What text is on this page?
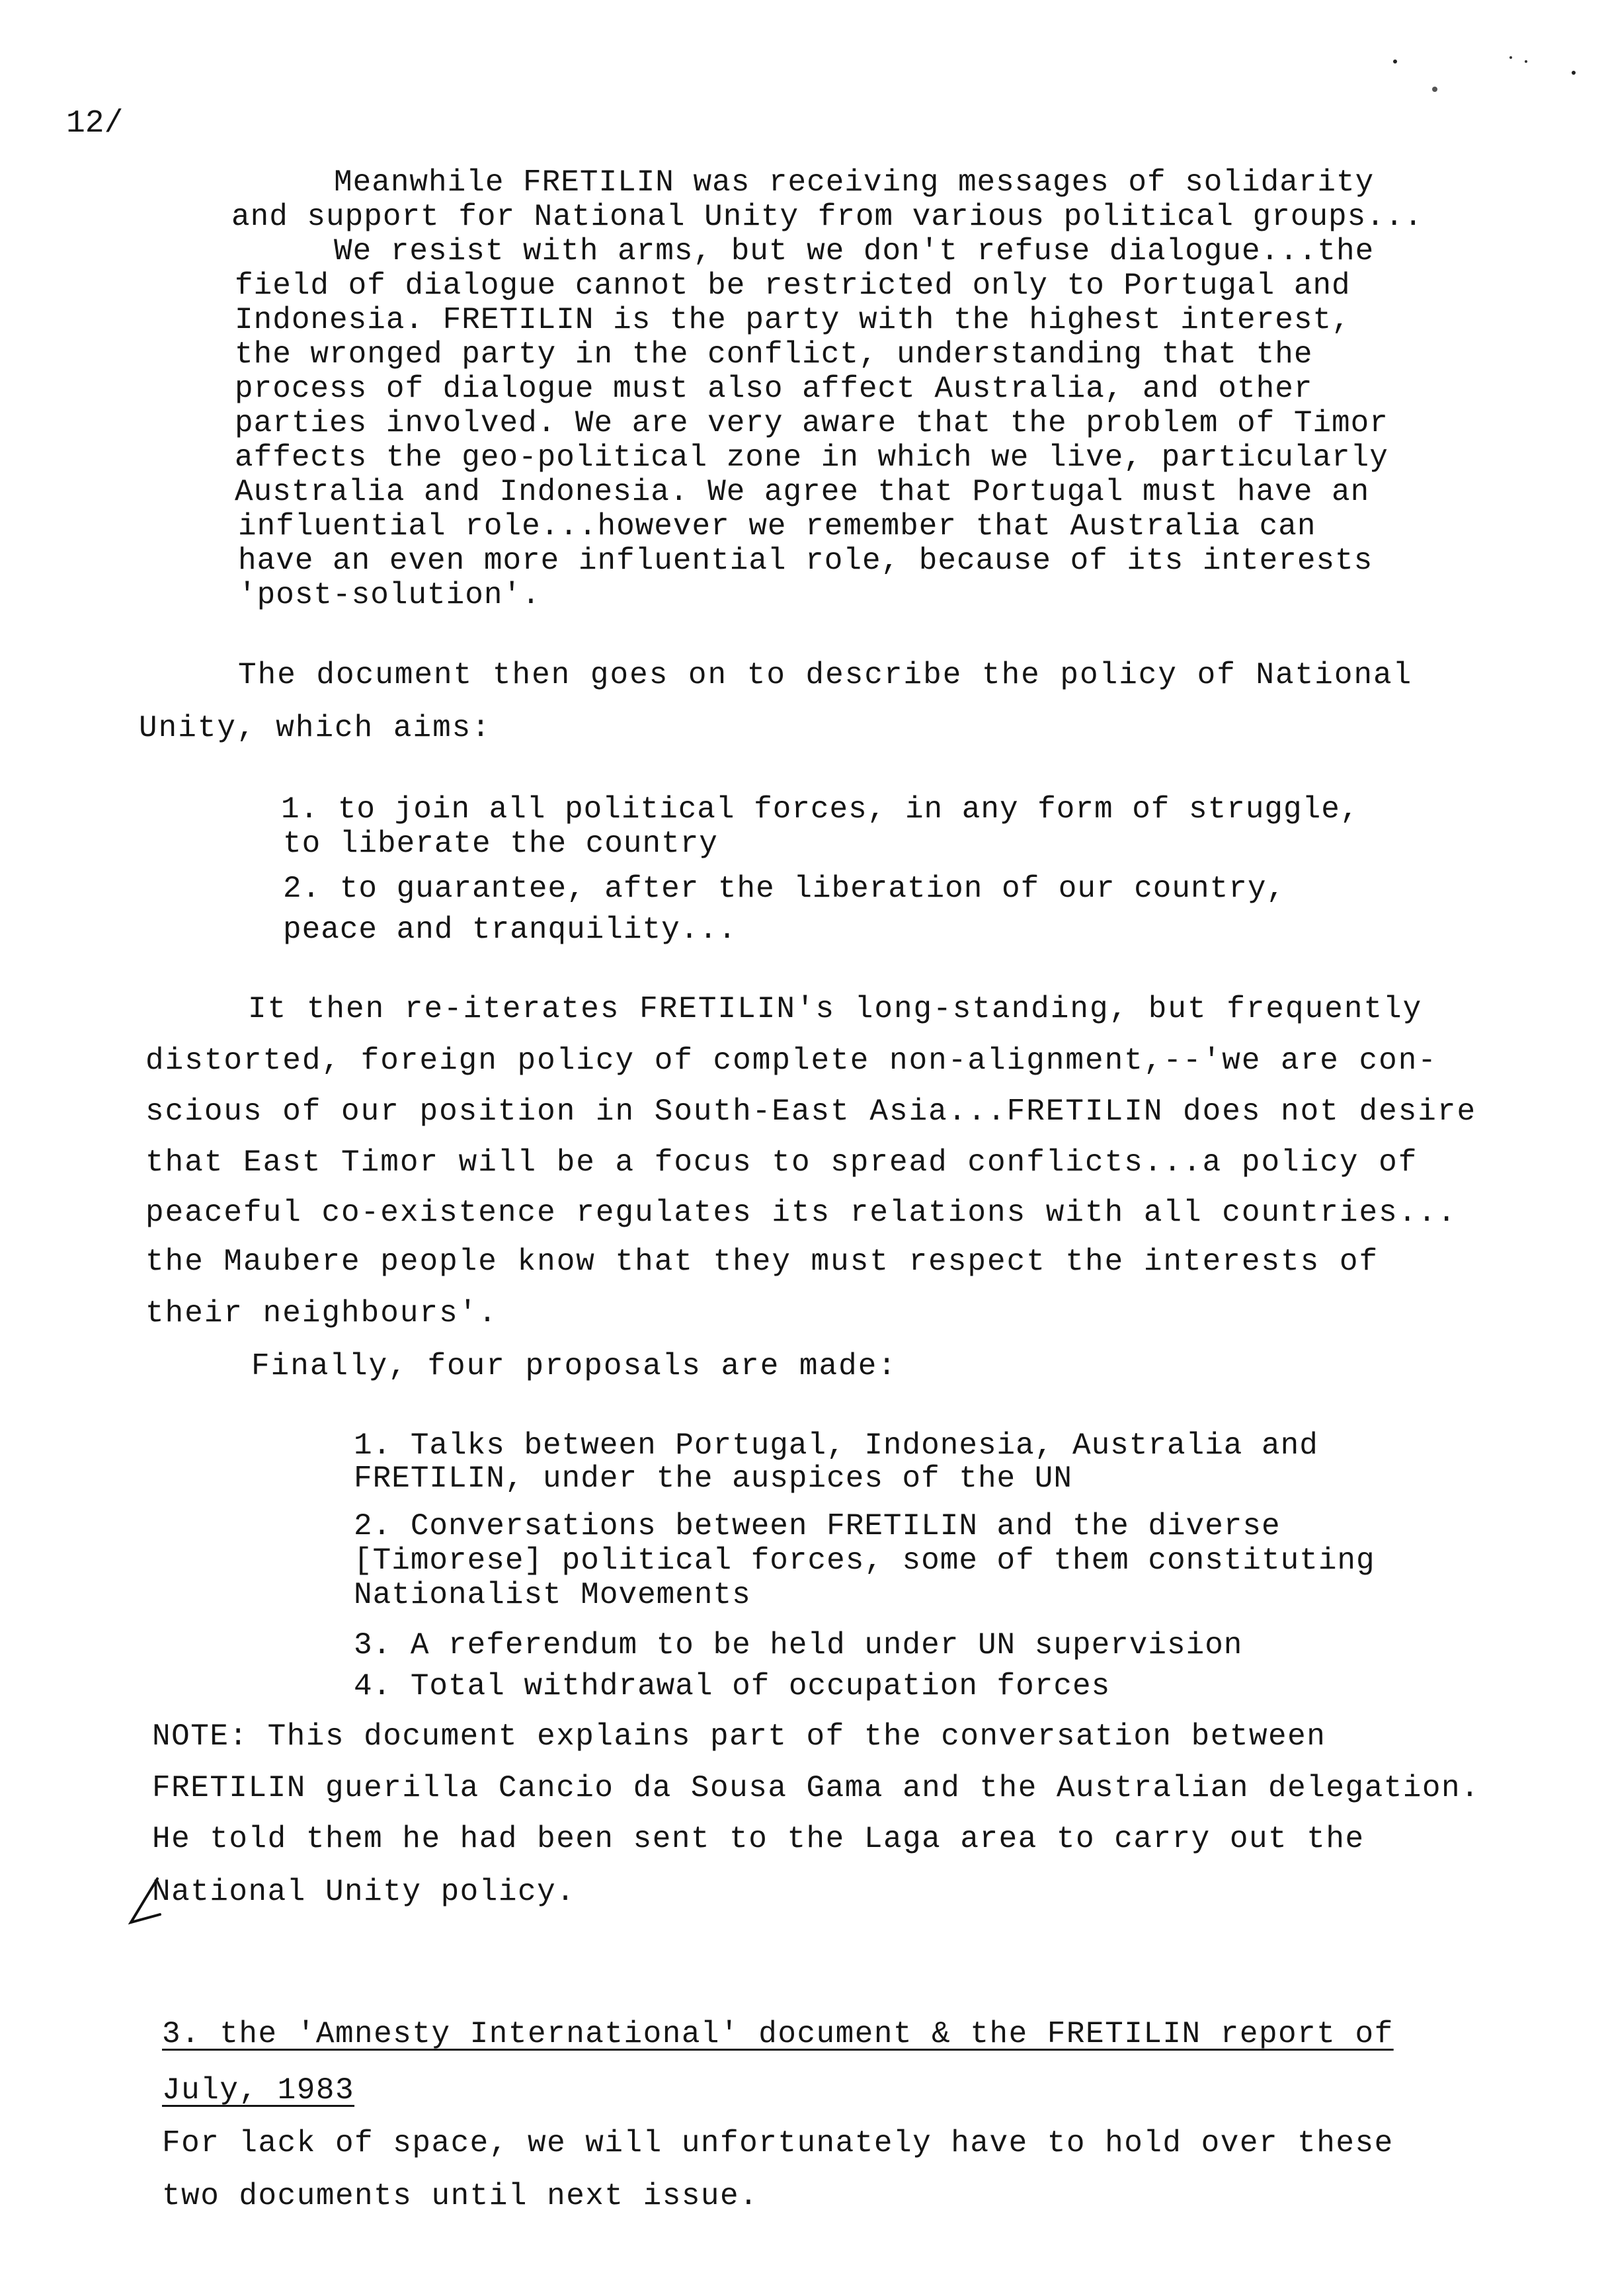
12/
Meanwhile FRETILIN was receiving messages of solidarity
and support for National Unity from various political groups...
We resist with arms, but we don't refuse dialogue...the
field of dialogue cannot be restricted only to Portugal and
Indonesia. FRETILIN is the party with the highest interest,
the wronged party in the conflict, understanding that the
process of dialogue must also affect Australia, and other
parties involved. We are very aware that the problem of Timor
affects the geo-political zone in which we live, particularly
Australia and Indonesia. We agree that Portugal must have an
influential role...however we remember that Australia can
have an even more influential role, because of its interests
'post-solution'.
The document then goes on to describe the policy of National
Unity, which aims:
1. to join all political forces, in any form of struggle,
to liberate the country
2. to guarantee, after the liberation of our country,
peace and tranquility...
It then re-iterates FRETILIN's long-standing, but frequently
distorted, foreign policy of complete non-alignment,--'we are con-
scious of our position in South-East Asia...FRETILIN does not desire
that East Timor will be a focus to spread conflicts...a policy of
peaceful co-existence regulates its relations with all countries...
the Maubere people know that they must respect the interests of
their neighbours'.
Finally, four proposals are made:
1. Talks between Portugal, Indonesia, Australia and
FRETILIN, under the auspices of the UN
2. Conversations between FRETILIN and the diverse
[Timorese] political forces, some of them constituting
Nationalist Movements
3. A referendum to be held under UN supervision
4. Total withdrawal of occupation forces
NOTE: This document explains part of the conversation between
FRETILIN guerilla Cancio da Sousa Gama and the Australian delegation.
He told them he had been sent to the Laga area to carry out the
National Unity policy.
3. the 'Amnesty International' document & the FRETILIN report of
July, 1983
For lack of space, we will unfortunately have to hold over these
two documents until next issue.
